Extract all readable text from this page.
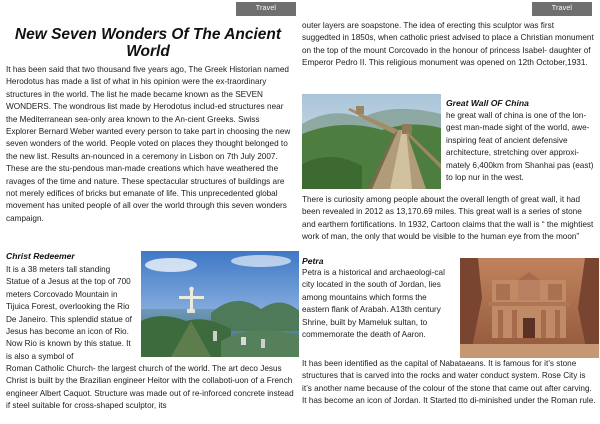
Travel
New Seven Wonders Of The Ancient World

It has been said that two thousand five years ago, The Greek Historian named Herodotus has made a list of what in his opinion were the ex-traordinary structures in the world. The list he made became known as the SEVEN WONDERS. The wondrous list made by Herodotus includ-ed structures near the Mediterranean sea-only area known to the An-cient Greeks. Swiss Explorer Bernard Weber wanted every person to take part in choosing the new seven wonders of the world. People voted on places they thought belonged to the new list. Results an-nounced in a ceremony in Lisbon on 7th July 2007. These are the stu-pendous man-made creations which have weathered the ravages of the time and nature. These spectacular structures of buildings are not merely edifices of bricks but emanate of life. This unprecedented global movement has united people of all over the world through this seven wonders campaign.

Christ Redeemer

It is a 38 meters tall standing Statue of a Jesus at the top of 700 meters Corcovado Mountain in Tijuica Forest, overlooking the Rio De Janeiro. This splendid statue of Jesus has become an icon of Rio. Now Rio is known by this statue. It is also a symbol of

Roman Catholic Church- the largest church of the world. The art deco Jesus Christ is built by the Brazilian engineer Heitor with the collaboti-uon of a French engineer Albert Caquot. Structure was made out of re-inforced concrete instead if steel suitable for cross-shaped sculptor, its

Travel

outer layers are soapstone. The idea of erecting this sculptor was first suggedted in 1850s, when catholic priest advised to place a Christian monument on the top of the mount Corcovado in the honour of princess Isabel- daughter of Emperor Pedro II. This religious monument was opened on 12th October,1931.

Great Wall OF China

he great wall of china is one of the lon-gest man-made sight of the world, awe-inspiring feat of ancient defensive architecture, stretching over approxi-mately 6,400km from Shanhai pas (east) to lop nur in the west.

There is curiosity among people abouкt the overall length of great wall, it had been revealed in 2012 as 13,170.69 miles. This great wall is a series of stone and earthern fortifications. In 1932, Cartoon claims that the wall is “ the mightiest work of man, the only that would be visible to the human eye from the moon”

Petra

Petra is a historical and archaeologi-cal city located in the south of Jordan, lies among mountains which forms the eastern flank of Arabah. A13th century Shrine, built by Mameluk sultan, to commemorate the death of Aaron.

It has been identified as the capital of Nabataeans. It is famous for it’s stone structures that is carved into the rocks and water conduct system. Rose City is it’s another name because of the colour of the stone that came out after carving. It has become an icon of Jordan. It Started tto di-minished under the Roman rule.
